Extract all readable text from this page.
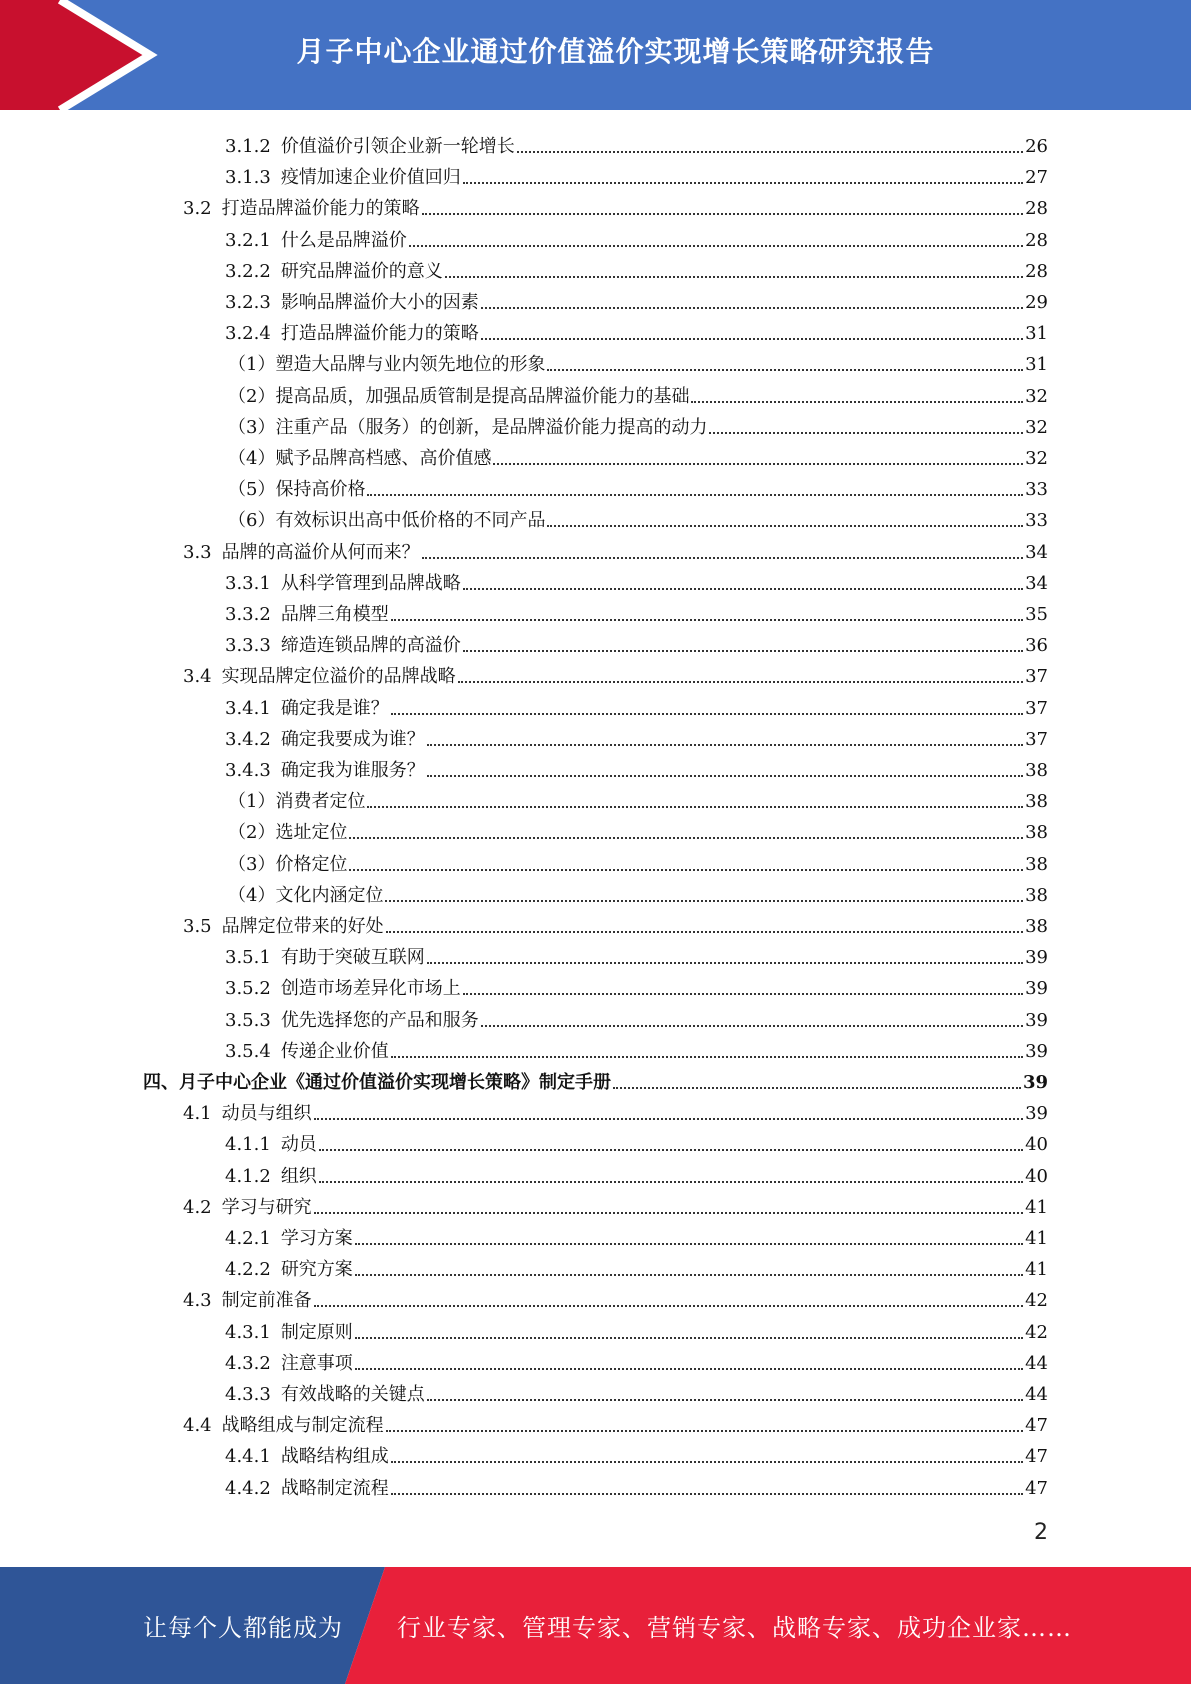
月子中心企业通过价值溢价实现增长策略研究报告
3.1.2 价值溢价引领企业新一轮增长	26
3.1.3 疫情加速企业价值回归	27
3.2 打造品牌溢价能力的策略	28
3.2.1 什么是品牌溢价	28
3.2.2 研究品牌溢价的意义	28
3.2.3 影响品牌溢价大小的因素	29
3.2.4 打造品牌溢价能力的策略	31
（1） 塑造大品牌与业内领先地位的形象	31
（2） 提高品质，加强品质管制是提高品牌溢价能力的基础	32
（3） 注重产品（服务）的创新，是品牌溢价能力提高的动力	32
（4） 赋予品牌高档感、高价值感	32
（5） 保持高价格	33
（6） 有效标识出高中低价格的不同产品	33
3.3 品牌的高溢价从何而来？	34
3.3.1 从科学管理到品牌战略	34
3.3.2 品牌三角模型	35
3.3.3 缔造连锁品牌的高溢价	36
3.4 实现品牌定位溢价的品牌战略	37
3.4.1 确定我是谁？	37
3.4.2 确定我要成为谁？	37
3.4.3 确定我为谁服务？	38
（1） 消费者定位	38
（2） 选址定位	38
（3） 价格定位	38
（4） 文化内涵定位	38
3.5 品牌定位带来的好处	38
3.5.1 有助于突破互联网	39
3.5.2 创造市场差异化市场上	39
3.5.3 优先选择您的产品和服务	39
3.5.4 传递企业价值	39
四、月子中心企业《通过价值溢价实现增长策略》制定手册	39
4.1 动员与组织	39
4.1.1 动员	40
4.1.2 组织	40
4.2 学习与研究	41
4.2.1 学习方案	41
4.2.2 研究方案	41
4.3 制定前准备	42
4.3.1 制定原则	42
4.3.2 注意事项	44
4.3.3 有效战略的关键点	44
4.4 战略组成与制定流程	47
4.4.1 战略结构组成	47
4.4.2 战略制定流程	47
2
让每个人都能成为 行业专家、管理专家、营销专家、战略专家、成功企业家……
